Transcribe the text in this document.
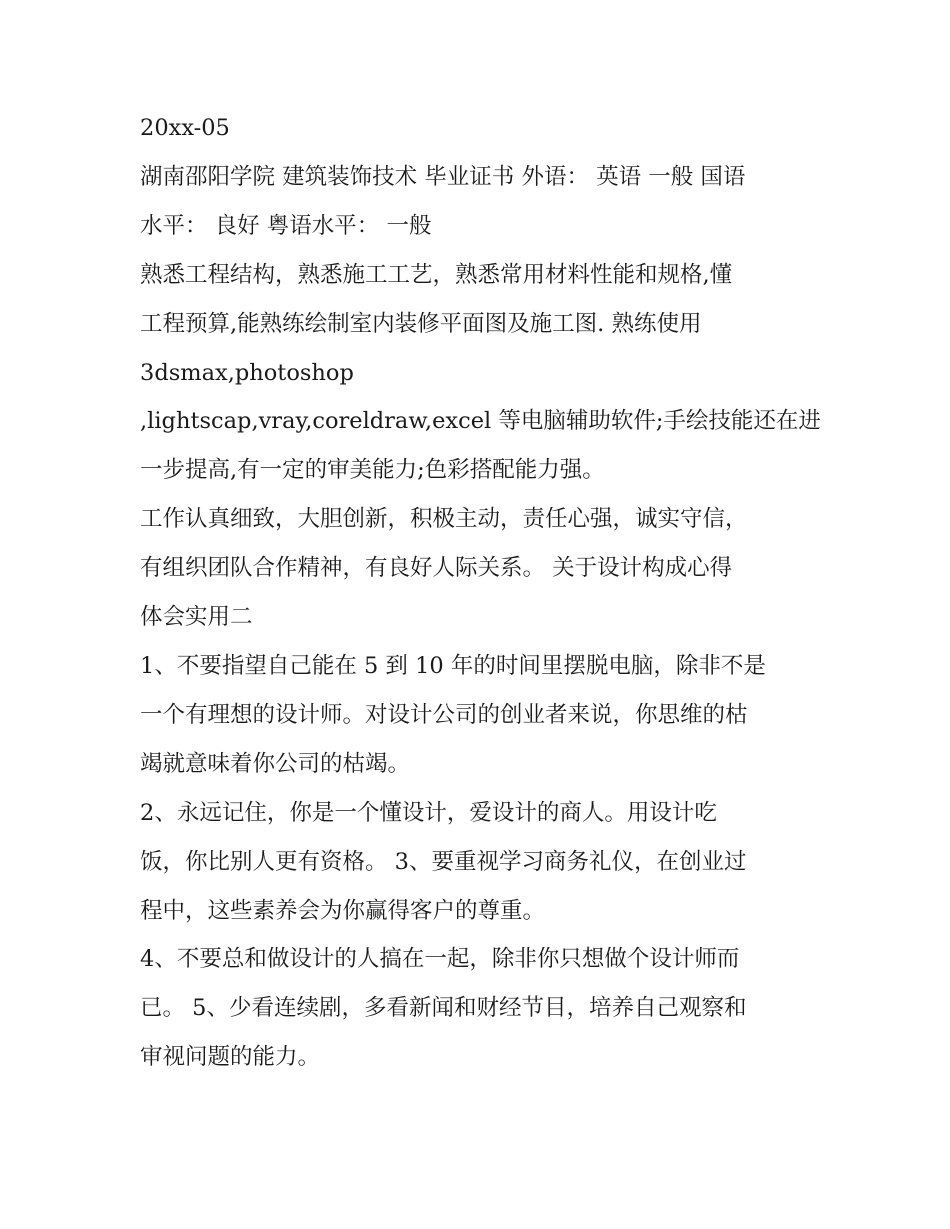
20xx-05

湖南邵阳学院 建筑装饰技术 毕业证书 外语： 英语 一般 国语

水平： 良好 粤语水平： 一般

熟悉工程结构，熟悉施工工艺，熟悉常用材料性能和规格,懂

工程预算,能熟练绘制室内装修平面图及施工图. 熟练使用

3dsmax,photoshop

,lightscap,vray,coreldraw,excel 等电脑辅助软件;手绘技能还在进

一步提高,有一定的审美能力;色彩搭配能力强。

工作认真细致，大胆创新，积极主动，责任心强，诚实守信，

有组织团队合作精神，有良好人际关系。 关于设计构成心得

体会实用二

1、不要指望自己能在 5 到 10 年的时间里摆脱电脑，除非不是

一个有理想的设计师。对设计公司的创业者来说，你思维的枯

竭就意味着你公司的枯竭。

2、永远记住，你是一个懂设计，爱设计的商人。用设计吃

饭，你比别人更有资格。 3、要重视学习商务礼仪，在创业过

程中，这些素养会为你赢得客户的尊重。

4、不要总和做设计的人搞在一起，除非你只想做个设计师而

已。 5、少看连续剧，多看新闻和财经节目，培养自己观察和

审视问题的能力。
